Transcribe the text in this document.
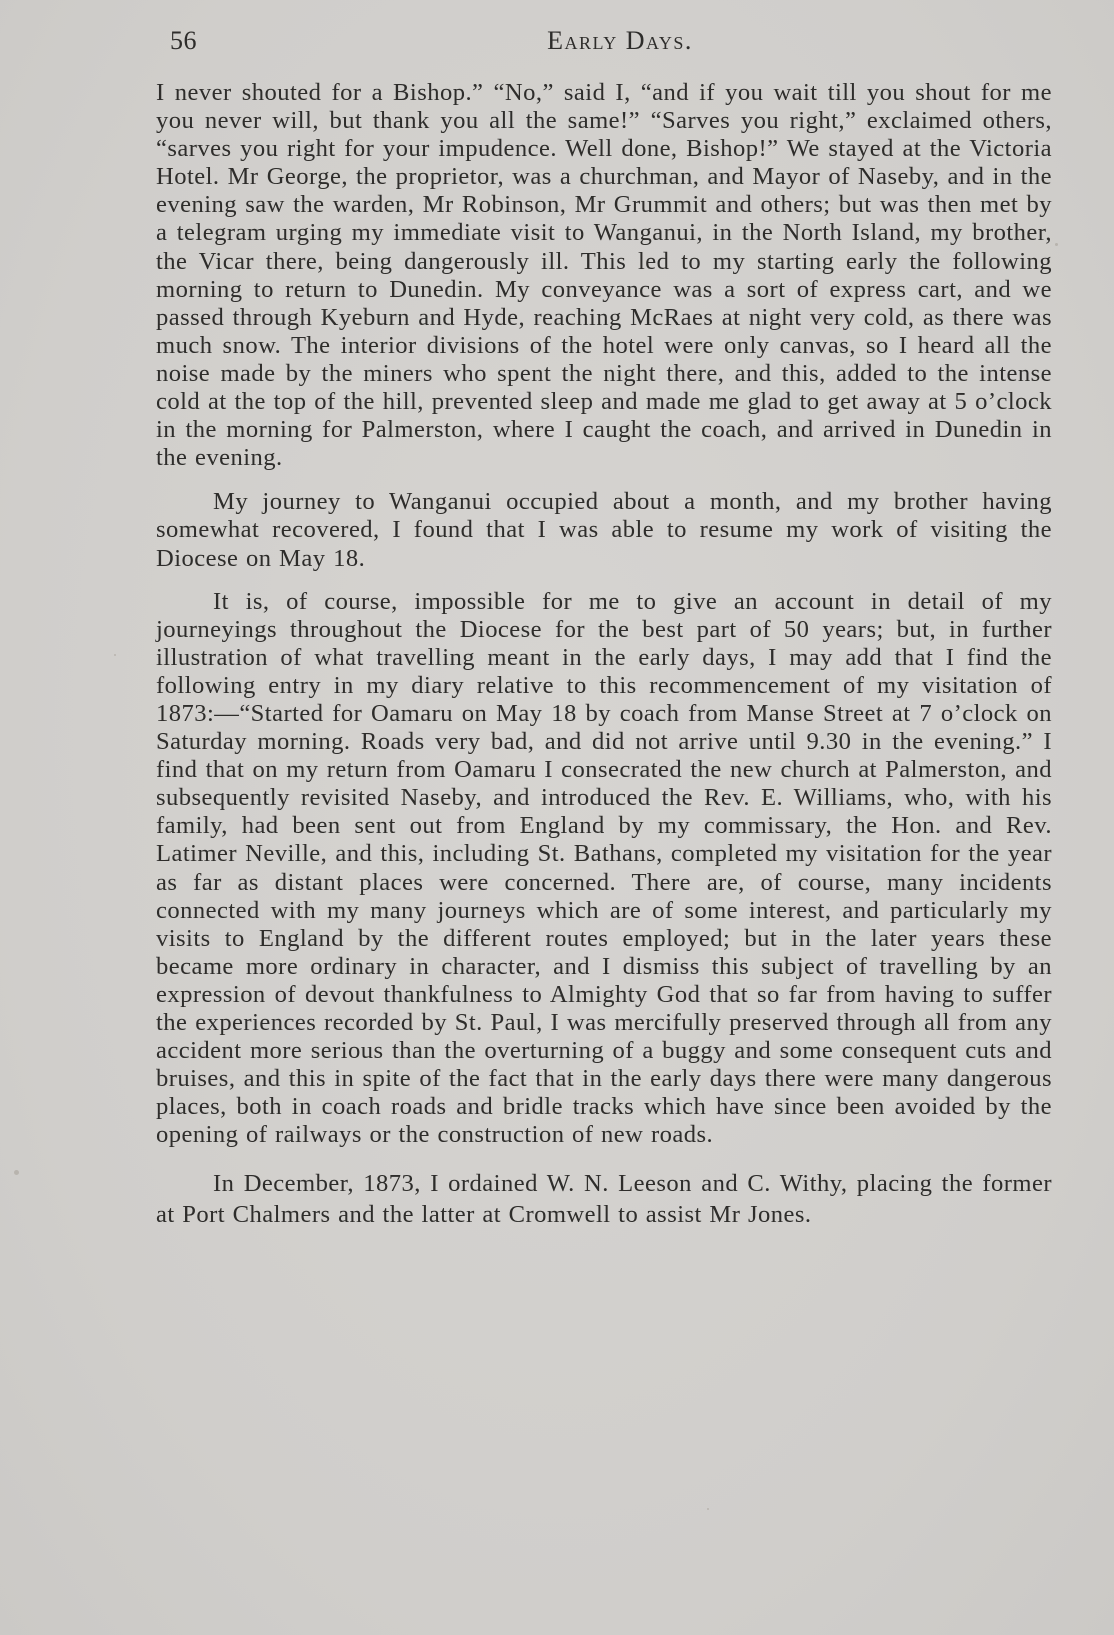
56	Early Days.

I never shouted for a Bishop.” “No,” said I, “and if you wait till you shout for me you never will, but thank you all the same!” “Sarves you right,” exclaimed others, “sarves you right for your impudence. Well done, Bishop!” We stayed at the Victoria Hotel. Mr George, the proprietor, was a churchman, and Mayor of Naseby, and in the evening saw the warden, Mr Robinson, Mr Grummit and others; but was then met by a telegram urging my immediate visit to Wanganui, in the North Island, my brother, the Vicar there, being dangerously ill. This led to my starting early the following morning to return to Dunedin. My conveyance was a sort of express cart, and we passed through Kyeburn and Hyde, reaching McRaes at night very cold, as there was much snow. The interior divisions of the hotel were only canvas, so I heard all the noise made by the miners who spent the night there, and this, added to the intense cold at the top of the hill, prevented sleep and made me glad to get away at 5 o’clock in the morning for Palmerston, where I caught the coach, and arrived in Dunedin in the evening.

My journey to Wanganui occupied about a month, and my brother having somewhat recovered, I found that I was able to resume my work of visiting the Diocese on May 18.

It is, of course, impossible for me to give an account in detail of my journeyings throughout the Diocese for the best part of 50 years; but, in further illustration of what travelling meant in the early days, I may add that I find the following entry in my diary relative to this recommencement of my visitation of 1873:—“Started for Oamaru on May 18 by coach from Manse Street at 7 o’clock on Saturday morning. Roads very bad, and did not arrive until 9.30 in the evening.” I find that on my return from Oamaru I consecrated the new church at Palmerston, and subsequently revisited Naseby, and introduced the Rev. E. Williams, who, with his family, had been sent out from England by my commissary, the Hon. and Rev. Latimer Neville, and this, including St. Bathans, completed my visitation for the year as far as distant places were concerned. There are, of course, many incidents connected with my many journeys which are of some interest, and particularly my visits to England by the different routes employed; but in the later years these became more ordinary in character, and I dismiss this subject of travelling by an expression of devout thankfulness to Almighty God that so far from having to suffer the experiences recorded by St. Paul, I was mercifully preserved through all from any accident more serious than the overturning of a buggy and some consequent cuts and bruises, and this in spite of the fact that in the early days there were many dangerous places, both in coach roads and bridle tracks which have since been avoided by the opening of railways or the construction of new roads.

In December, 1873, I ordained W. N. Leeson and C. Withy, placing the former at Port Chalmers and the latter at Cromwell to assist Mr Jones.
